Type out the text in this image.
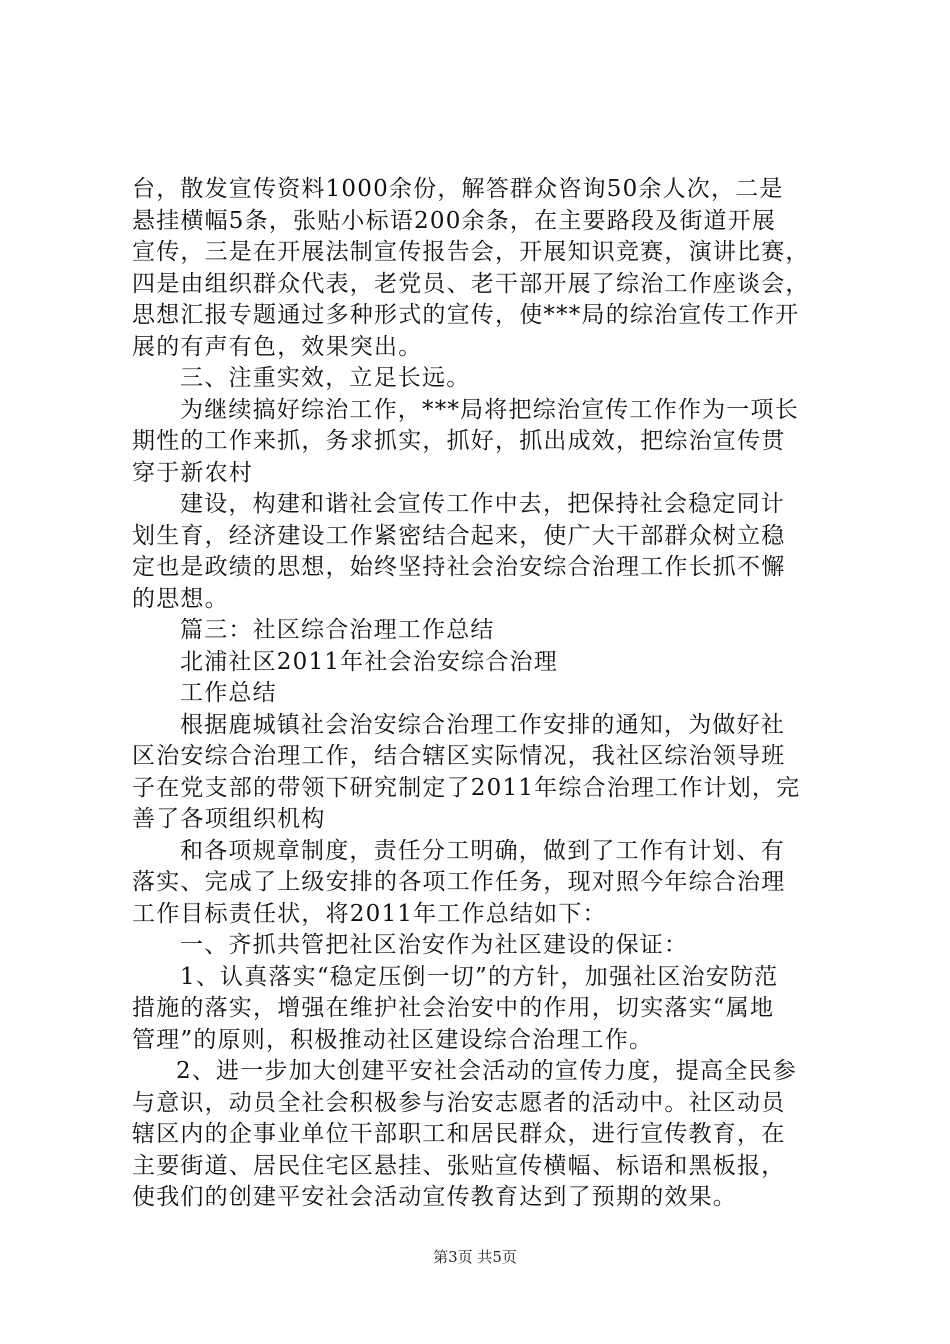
台，散发宣传资料1000余份，解答群众咨询50余人次，二是
悬挂横幅5条，张贴小标语200余条，在主要路段及街道开展
宣传，三是在开展法制宣传报告会，开展知识竞赛，演讲比赛，
四是由组织群众代表，老党员、老干部开展了综治工作座谈会，
思想汇报专题通过多种形式的宣传，使***局的综治宣传工作开
展的有声有色，效果突出。
三、注重实效，立足长远。
为继续搞好综治工作，***局将把综治宣传工作作为一项长
期性的工作来抓，务求抓实，抓好，抓出成效，把综治宣传贯
穿于新农村
建设，构建和谐社会宣传工作中去，把保持社会稳定同计
划生育，经济建设工作紧密结合起来，使广大干部群众树立稳
定也是政绩的思想，始终坚持社会治安综合治理工作长抓不懈
的思想。
篇三：社区综合治理工作总结
北浦社区2011年社会治安综合治理
工作总结
根据鹿城镇社会治安综合治理工作安排的通知，为做好社
区治安综合治理工作，结合辖区实际情况，我社区综治领导班
子在党支部的带领下研究制定了2011年综合治理工作计划，完
善了各项组织机构
和各项规章制度，责任分工明确，做到了工作有计划、有
落实、完成了上级安排的各项工作任务，现对照今年综合治理
工作目标责任状，将2011年工作总结如下：
一、齐抓共管把社区治安作为社区建设的保证：
1、认真落实“稳定压倒一切”的方针，加强社区治安防范
措施的落实，增强在维护社会治安中的作用，切实落实“属地
管理”的原则，积极推动社区建设综合治理工作。
2、进一步加大创建平安社会活动的宣传力度，提高全民参
与意识，动员全社会积极参与治安志愿者的活动中。社区动员
辖区内的企事业单位干部职工和居民群众，进行宣传教育，在
主要街道、居民住宅区悬挂、张贴宣传横幅、标语和黑板报，
使我们的创建平安社会活动宣传教育达到了预期的效果。
第3页 共5页
